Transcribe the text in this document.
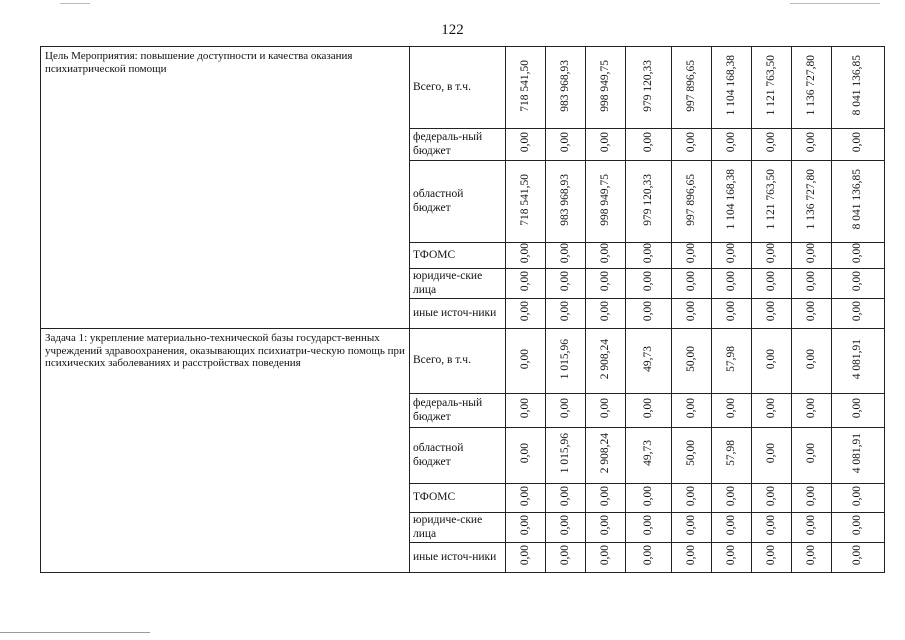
122
Цель Мероприятия: повышение доступности и качества оказания психиатрической помощи	Всего, в т.ч.	718 541,50	983 968,93	998 949,75	979 120,33	997 896,65	1 104 168,38	1 121 763,50	1 136 727,80	8 041 136,85
	федераль-ный бюджет	0,00	0,00	0,00	0,00	0,00	0,00	0,00	0,00	0,00
	областной бюджет	718 541,50	983 968,93	998 949,75	979 120,33	997 896,65	1 104 168,38	1 121 763,50	1 136 727,80	8 041 136,85
	ТФОМС	0,00	0,00	0,00	0,00	0,00	0,00	0,00	0,00	0,00
	юридиче-ские лица	0,00	0,00	0,00	0,00	0,00	0,00	0,00	0,00	0,00
	иные источ-ники	0,00	0,00	0,00	0,00	0,00	0,00	0,00	0,00	0,00
Задача 1: укрепление материально-технической базы государст-венных учреждений здравоохранения, оказывающих психиатри-ческую помощь при психических заболеваниях и расстройствах поведения	Всего, в т.ч.	0,00	1 015,96	2 908,24	49,73	50,00	57,98	0,00	0,00	4 081,91
	федераль-ный бюджет	0,00	0,00	0,00	0,00	0,00	0,00	0,00	0,00	0,00
	областной бюджет	0,00	1 015,96	2 908,24	49,73	50,00	57,98	0,00	0,00	4 081,91
	ТФОМС	0,00	0,00	0,00	0,00	0,00	0,00	0,00	0,00	0,00
	юридиче-ские лица	0,00	0,00	0,00	0,00	0,00	0,00	0,00	0,00	0,00
	иные источ-ники	0,00	0,00	0,00	0,00	0,00	0,00	0,00	0,00	0,00
